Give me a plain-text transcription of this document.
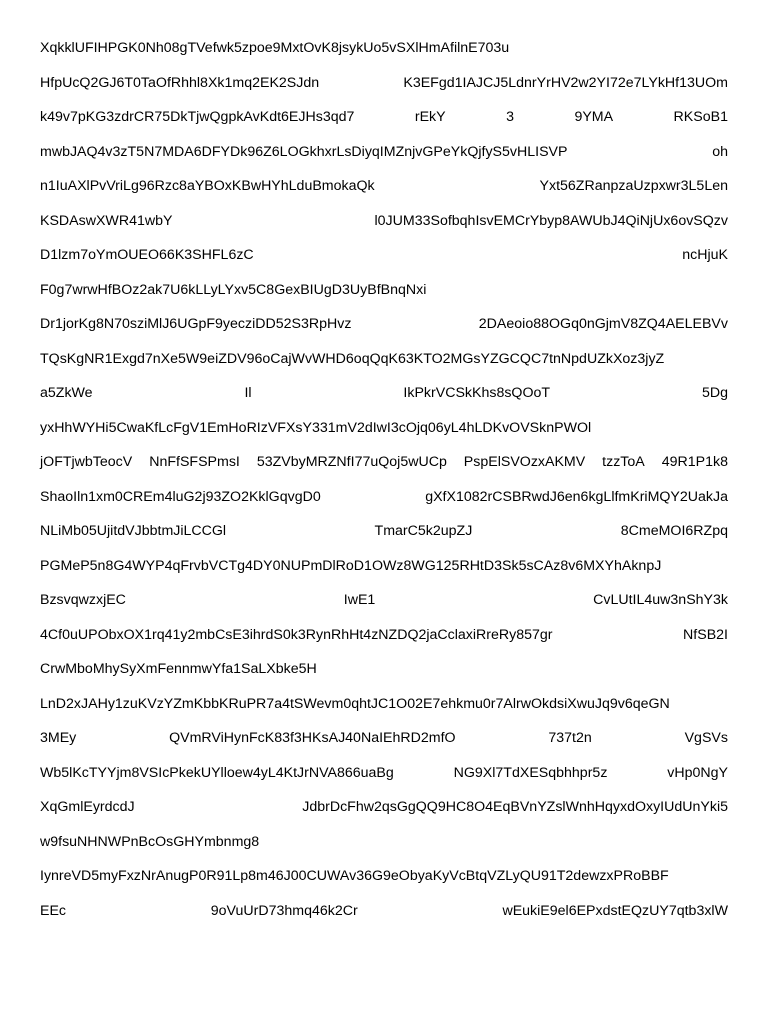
XqkklUFIHPGK0Nh08gTVefwk5zpoe9MxtOvK8jsykUo5vSXlHmAfilnE703u
HfpUcQ2GJ6T0TaOfRhhl8Xk1mq2EK2SJdn	K3EFgd1IAJCJ5LdnrYrHV2w2YI72e7LYkHf13UOm
k49v7pKG3zdrCR75DkTjwQgpkAvKdt6EJHs3qd7	rEkY	3	9YMA	RKSoB1
mwbJAQ4v3zT5N7MDA6DFYDk96Z6LOGkhxrLsDiyqIMZnjvGPeYkQjfyS5vHLISVP	oh
n1IuAXlPvVriLg96Rzc8aYBOxKBwHYhLduBmokaQk	Yxt56ZRanpzaUzpxwr3L5Len
KSDAswXWR41wbY	l0JUM33SofbqhIsvEMCrYbyp8AWUbJ4QiNjUx6ovSQzv
D1lzm7oYmOUEO66K3SHFL6zC	ncHjuK
F0g7wrwHfBOz2ak7U6kLLyLYxv5C8GexBIUgD3UyBfBnqNxi
Dr1jorKg8N70sziMlJ6UGpF9yecziDD52S3RpHvz	2DAeoio88OGq0nGjmV8ZQ4AELEBVv
TQsKgNR1Exgd7nXe5W9eiZDV96oCajWvWHD6oqQqK63KTO2MGsYZGCQC7tnNpdUZkXoz3jyZ
a5ZkWe	Il	IkPkrVCSkKhs8sQOoT	5Dg
yxHhWYHi5CwaKfLcFgV1EmHoRIzVFXsY331mV2dIwI3cOjq06yL4hLDKvOVSknPWOl
jOFTjwbTeocV NnFfSFSPmsI 53ZVbyMRZNfI77uQoj5wUCp PspElSVOzxAKMV tzzToA 49R1P1k8
ShaoIln1xm0CREm4luG2j93ZO2KklGqvgD0	gXfX1082rCSBRwdJ6en6kgLlfmKriMQY2UakJa
NLiMb05UjitdVJbbtmJiLCCGl	TmarC5k2upZJ	8CmeMOI6RZpq
PGMeP5n8G4WYP4qFrvbVCTg4DY0NUPmDlRoD1OWz8WG125RHtD3Sk5sCAz8v6MXYhAknpJ
BzsvqwzxjEC	IwE1	CvLUtIL4uw3nShY3k
4Cf0uUPObxOX1rq41y2mbCsE3ihrdS0k3RynRhHt4zNZDQ2jaCclaxiRreRy857gr	NfSB2I
CrwMboMhySyXmFennmwYfa1SaLXbke5H
LnD2xJAHy1zuKVzYZmKbbKRuPR7a4tSWevm0qhtJC1O02E7ehkmu0r7AlrwOkdsiXwuJq9v6qeGN
3MEy	QVmRViHynFcK83f3HKsAJ40NaIEhRD2mfO	737t2n	VgSVs
Wb5lKcTYYjm8VSIcPkekUYlloew4yL4KtJrNVA866uaBg	NG9Xl7TdXESqbhhpr5z	vHp0NgY
XqGmlEyrdcdJ	JdbrDcFhw2qsGgQQ9HC8O4EqBVnYZslWnhHqyxdOxyIUdUnYki5
w9fsuNHNWPnBcOsGHYmbnmg8
IynreVD5myFxzNrAnugP0R91Lp8m46J00CUWAv36G9eObyaKyVcBtqVZLyQU91T2dewzxPRoBBF
EEc	9oVuUrD73hmq46k2Cr	wEukiE9el6EPxdstEQzUY7qtb3xlW
